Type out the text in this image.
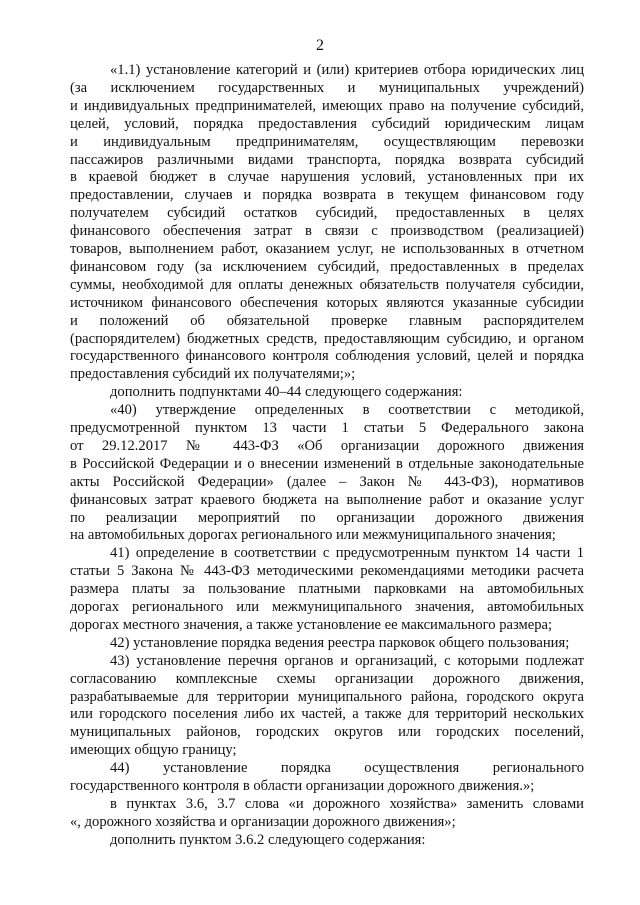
2
«1.1) установление категорий и (или) критериев отбора юридических лиц
(за исключением государственных и муниципальных учреждений)
и индивидуальных предпринимателей, имеющих право на получение субсидий,
целей, условий, порядка предоставления субсидий юридическим лицам
и индивидуальным предпринимателям, осуществляющим перевозки
пассажиров различными видами транспорта, порядка возврата субсидий
в краевой бюджет в случае нарушения условий, установленных при их
предоставлении, случаев и порядка возврата в текущем финансовом году
получателем субсидий остатков субсидий, предоставленных в целях
финансового обеспечения затрат в связи с производством (реализацией)
товаров, выполнением работ, оказанием услуг, не использованных в отчетном
финансовом году (за исключением субсидий, предоставленных в пределах
суммы, необходимой для оплаты денежных обязательств получателя субсидии,
источником финансового обеспечения которых являются указанные субсидии
и положений об обязательной проверке главным распорядителем
(распорядителем) бюджетных средств, предоставляющим субсидию, и органом
государственного финансового контроля соблюдения условий, целей и порядка
предоставления субсидий их получателями;»;
дополнить подпунктами 40–44 следующего содержания:
«40) утверждение определенных в соответствии с методикой,
предусмотренной пунктом 13 части 1 статьи 5 Федерального закона
от 29.12.2017 № 443-ФЗ «Об организации дорожного движения
в Российской Федерации и о внесении изменений в отдельные законодательные
акты Российской Федерации» (далее – Закон № 443-ФЗ), нормативов
финансовых затрат краевого бюджета на выполнение работ и оказание услуг
по реализации мероприятий по организации дорожного движения
на автомобильных дорогах регионального или межмуниципального значения;
41) определение в соответствии с предусмотренным пунктом 14 части 1
статьи 5 Закона № 443-ФЗ методическими рекомендациями методики расчета
размера платы за пользование платными парковками на автомобильных
дорогах регионального или межмуниципального значения, автомобильных
дорогах местного значения, а также установление ее максимального размера;
42) установление порядка ведения реестра парковок общего пользования;
43) установление перечня органов и организаций, с которыми подлежат
согласованию комплексные схемы организации дорожного движения,
разрабатываемые для территории муниципального района, городского округа
или городского поселения либо их частей, а также для территорий нескольких
муниципальных районов, городских округов или городских поселений,
имеющих общую границу;
44) установление порядка осуществления регионального
государственного контроля в области организации дорожного движения.»;
в пунктах 3.6, 3.7 слова «и дорожного хозяйства» заменить словами
«, дорожного хозяйства и организации дорожного движения»;
дополнить пунктом 3.6.2 следующего содержания:
